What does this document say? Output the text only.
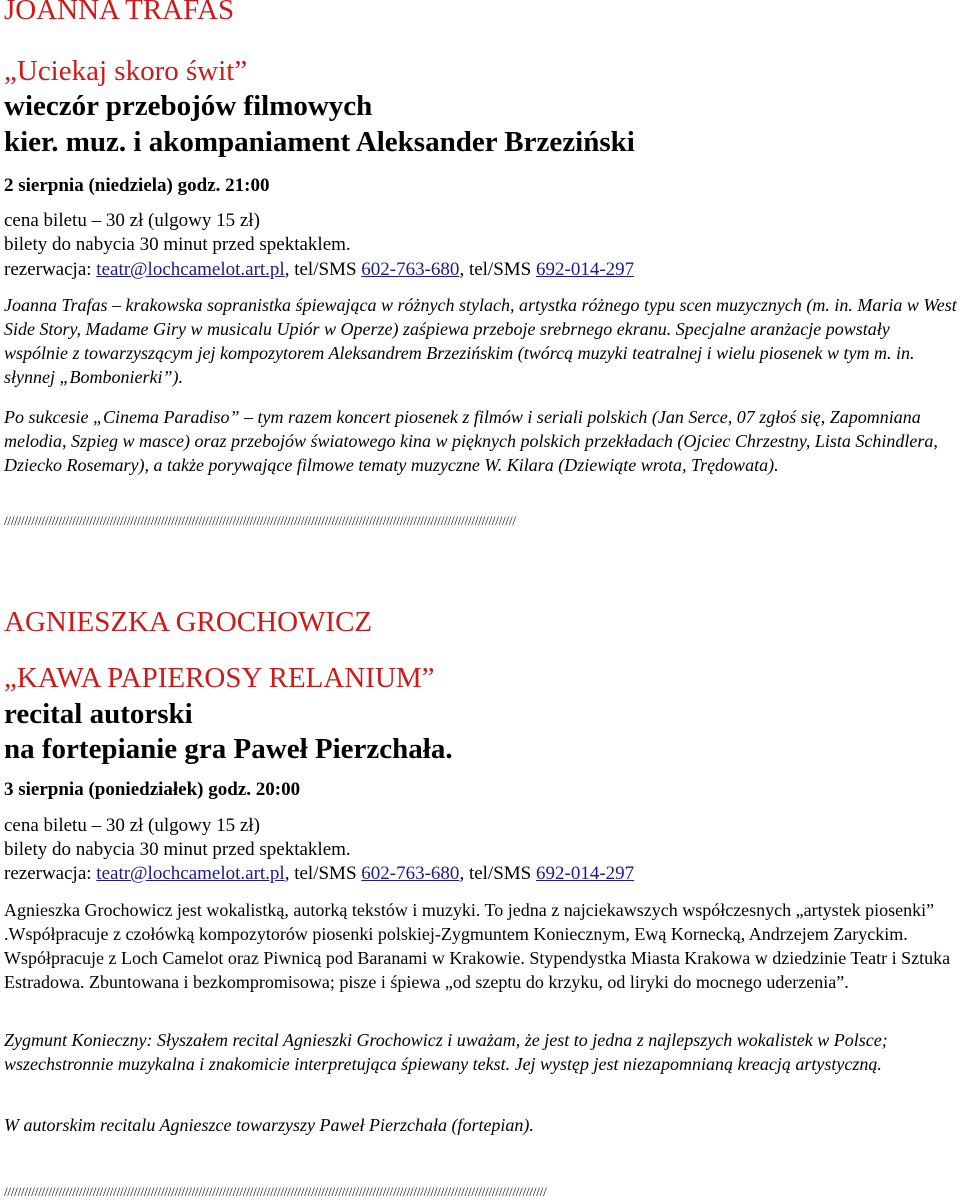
JOANNA TRAFAS
„Uciekaj skoro świt”
wieczór przebojów filmowych
kier. muz. i akompaniament Aleksander Brzeziński
2 sierpnia (niedziela) godz. 21:00
cena biletu – 30 zł (ulgowy 15 zł)
bilety do nabycia 30 minut przed spektaklem.
rezerwacja: teatr@lochcamelot.art.pl, tel/SMS 602-763-680, tel/SMS 692-014-297
Joanna Trafas – krakowska sopranistka śpiewająca w różnych stylach, artystka różnego typu scen muzycznych (m. in. Maria w West Side Story, Madame Giry w musicalu Upiór w Operze) zaśpiewa przeboje srebrnego ekranu. Specjalne aranżacje powstały wspólnie z towarzyszącym jej kompozytorem Aleksandrem Brzezińskim (twórcą muzyki teatralnej i wielu piosenek w tym m. in. słynnej „Bombonierki”).
Po sukcesie „Cinema Paradiso” – tym razem koncert piosenek z filmów i seriali polskich (Jan Serce, 07 zgłoś się, Zapomniana melodia, Szpieg w masce) oraz przebojów światowego kina w pięknych polskich przekładach (Ojciec Chrzestny, Lista Schindlera, Dziecko Rosemary), a także porywające filmowe tematy muzyczne W. Kilara (Dziewiąte wrota, Trędowata).
//////////////////////////////////////////////////////////////////////////////////////////////////////////////////////////////////////////////////////
AGNIESZKA GROCHOWICZ
„KAWA PAPIEROSY RELANIUM”
recital autorski
na fortepianie gra Paweł Pierzchała.
3 sierpnia (poniedziałek) godz. 20:00
cena biletu – 30 zł (ulgowy 15 zł)
bilety do nabycia 30 minut przed spektaklem.
rezerwacja: teatr@lochcamelot.art.pl, tel/SMS 602-763-680, tel/SMS 692-014-297
Agnieszka Grochowicz jest wokalistką, autorką tekstów i muzyki. To jedna z najciekawszych współczesnych „artystek piosenki” .Współpracuje z czołówką kompozytorów piosenki polskiej-Zygmuntem Koniecznym, Ewą Kornecką, Andrzejem Zaryckim. Współpracuje z Loch Camelot oraz Piwnicą pod Baranami w Krakowie. Stypendystka Miasta Krakowa w dziedzinie Teatr i Sztuka Estradowa. Zbuntowana i bezkompromisowa; pisze i śpiewa „od szeptu do krzyku, od liryki do mocnego uderzenia”.
Zygmunt Konieczny: Słyszałem recital Agnieszki Grochowicz i uważam, że jest to jedna z najlepszych wokalistek w Polsce; wszechstronnie muzykalna i znakomicie interpretująca śpiewany tekst. Jej występ jest niezapomnianą kreacją artystyczną.
W autorskim recitalu Agnieszce towarzyszy Paweł Pierzchała (fortepian).
///////////////////////////////////////////////////////////////////////////////////////////////////////////////////////////////////////////////////////////////
